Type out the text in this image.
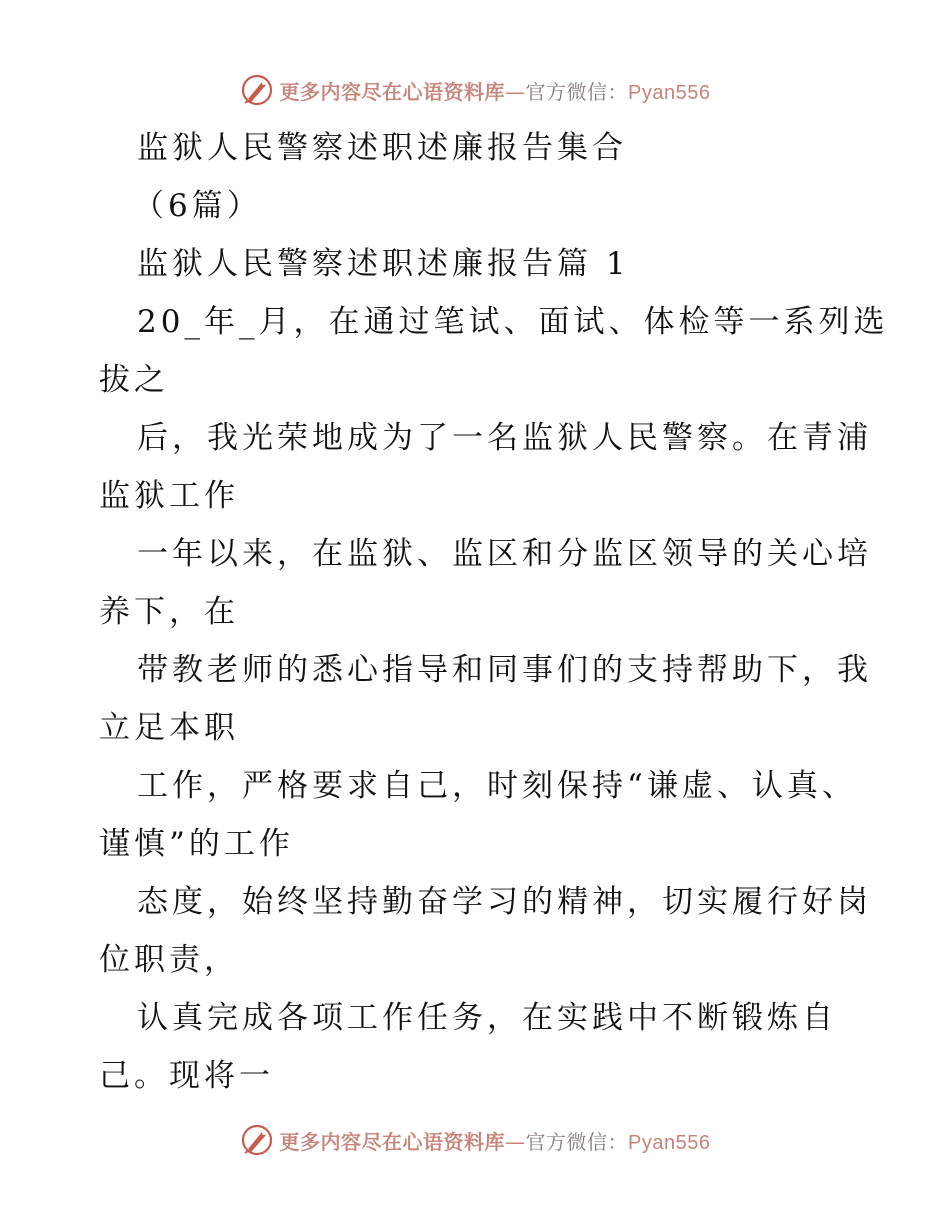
更多内容尽在心语资料库—官方微信：Pyan556
监狱人民警察述职述廉报告集合
（6篇）
监狱人民警察述职述廉报告篇 1
20_年_月，在通过笔试、面试、体检等一系列选
拔之
后，我光荣地成为了一名监狱人民警察。在青浦
监狱工作
一年以来，在监狱、监区和分监区领导的关心培
养下，在
带教老师的悉心指导和同事们的支持帮助下，我
立足本职
工作，严格要求自己，时刻保持“谦虚、认真、
谨慎”的工作
态度，始终坚持勤奋学习的精神，切实履行好岗
位职责，
认真完成各项工作任务，在实践中不断锻炼自
己。现将一
更多内容尽在心语资料库—官方微信：Pyan556
